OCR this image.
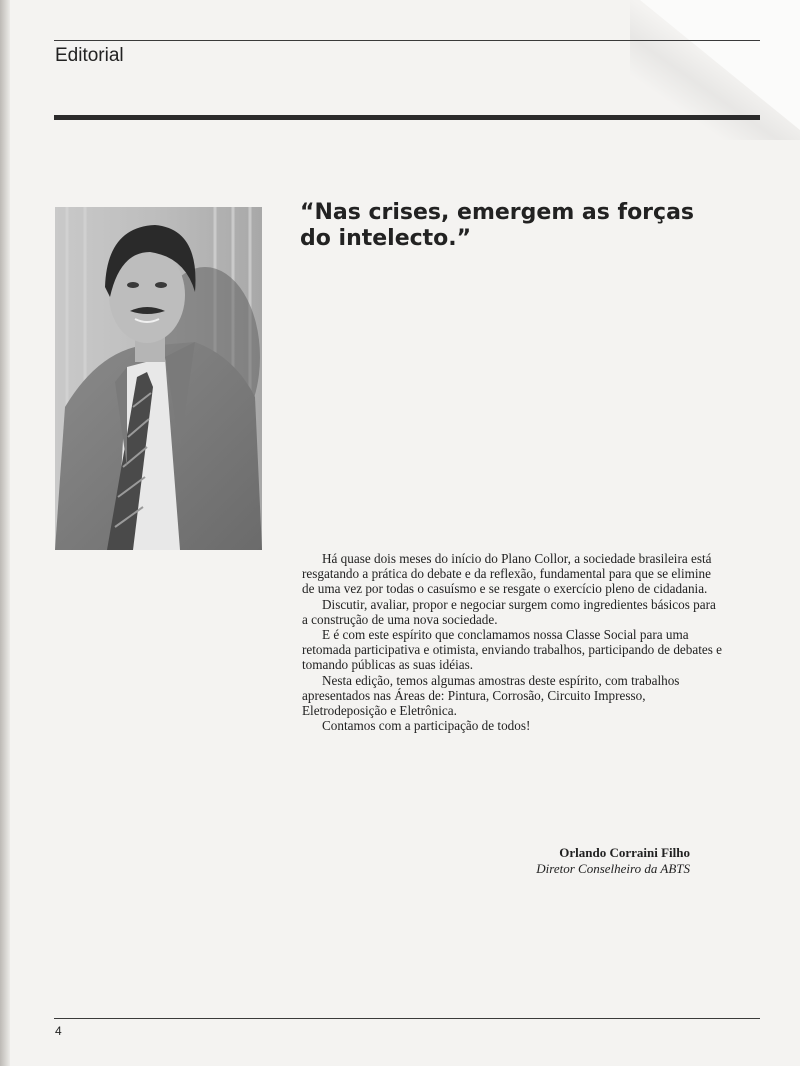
Editorial

“Nas crises, emergem as forças do intelecto.”

Há quase dois meses do início do Plano Collor, a sociedade brasileira está resgatando a prática do debate e da reflexão, fundamental para que se elimine de uma vez por todas o casuísmo e se resgate o exercício pleno de cidadania.

Discutir, avaliar, propor e negociar surgem como ingredientes básicos para a construção de uma nova sociedade.

E é com este espírito que conclamamos nossa Classe Social para uma retomada participativa e otimista, enviando trabalhos, participando de debates e tomando públicas as suas idéias.

Nesta edição, temos algumas amostras deste espírito, com trabalhos apresentados nas Áreas de: Pintura, Corrosão, Circuito Impresso, Eletrodeposição e Eletrônica.

Contamos com a participação de todos!

Orlando Corraini Filho
Diretor Conselheiro da ABTS
4
